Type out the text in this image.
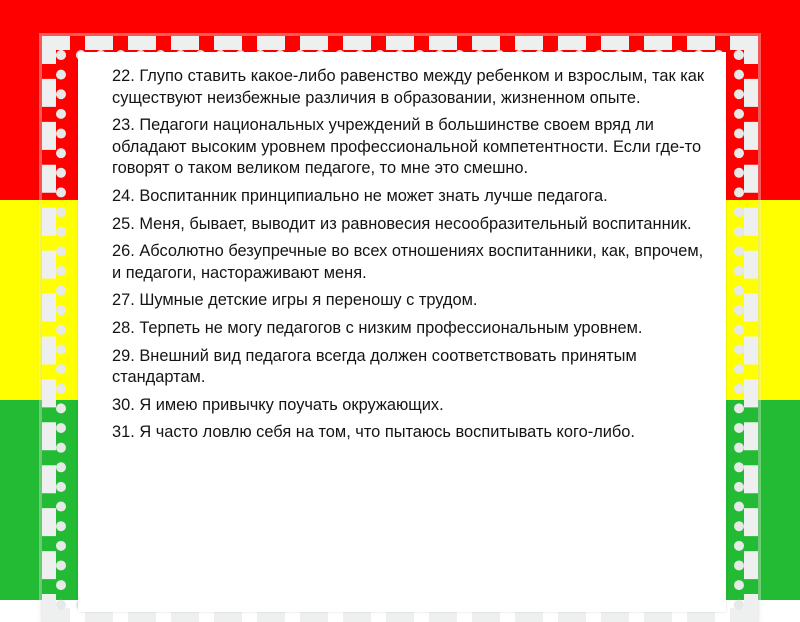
22. Глупо ставить какое-либо равенство между ребенком и взрослым, так как существуют неизбежные различия в образовании, жизненном опыте.
23. Педагоги национальных учреждений в большинстве своем вряд ли обладают высоким уровнем профессиональной компетентности. Если где-то говорят о таком великом педагоге, то мне это смешно.
24. Воспитанник принципиально не может знать лучше педагога.
25. Меня, бывает, выводит из равновесия несообразительный воспитанник.
26. Абсолютно безупречные во всех отношениях воспитанники, как, впрочем, и педагоги, настораживают меня.
27. Шумные детские игры я переношу с трудом.
28. Терпеть не могу педагогов с низким профессиональным уровнем.
29. Внешний вид педагога всегда должен соответствовать принятым стандартам.
30. Я имею привычку поучать окружающих.
31. Я часто ловлю себя на том, что пытаюсь воспитывать кого-либо.
